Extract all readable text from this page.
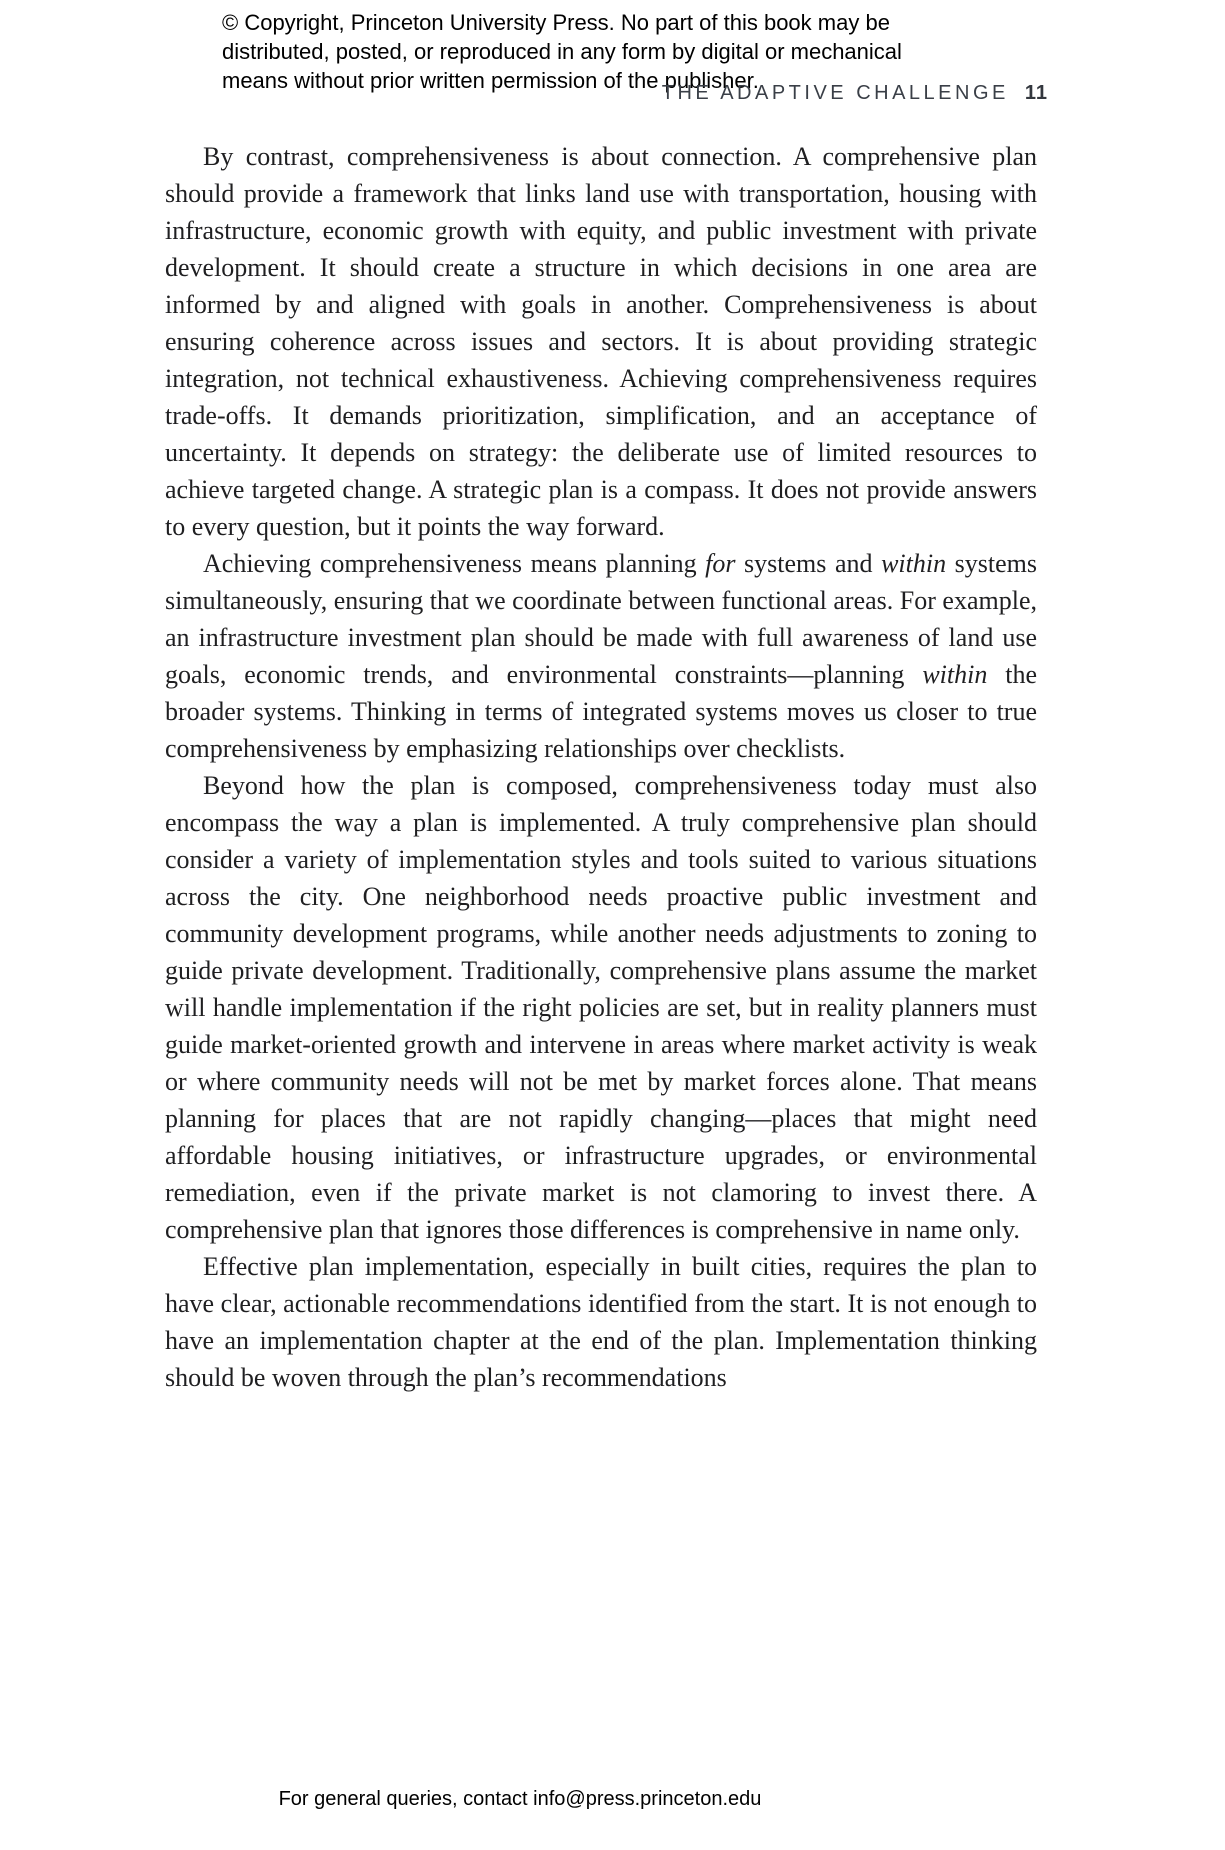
© Copyright, Princeton University Press. No part of this book may be
distributed, posted, or reproduced in any form by digital or mechanical
means without prior written permission of the publisher.
THE ADAPTIVE CHALLENGE 11

By contrast, comprehensiveness is about connection. A comprehensive plan should provide a framework that links land use with transportation, housing with infrastructure, economic growth with equity, and public investment with private development. It should create a structure in which decisions in one area are informed by and aligned with goals in another. Comprehensiveness is about ensuring coherence across issues and sectors. It is about providing strategic integration, not technical exhaustiveness. Achieving comprehensiveness requires trade-offs. It demands prioritization, simplification, and an acceptance of uncertainty. It depends on strategy: the deliberate use of limited resources to achieve targeted change. A strategic plan is a compass. It does not provide answers to every question, but it points the way forward.

Achieving comprehensiveness means planning for systems and within systems simultaneously, ensuring that we coordinate between functional areas. For example, an infrastructure investment plan should be made with full awareness of land use goals, economic trends, and environmental constraints—planning within the broader systems. Thinking in terms of integrated systems moves us closer to true comprehensiveness by emphasizing relationships over checklists.

Beyond how the plan is composed, comprehensiveness today must also encompass the way a plan is implemented. A truly comprehensive plan should consider a variety of implementation styles and tools suited to various situations across the city. One neighborhood needs proactive public investment and community development programs, while another needs adjustments to zoning to guide private development. Traditionally, comprehensive plans assume the market will handle implementation if the right policies are set, but in reality planners must guide market-oriented growth and intervene in areas where market activity is weak or where community needs will not be met by market forces alone. That means planning for places that are not rapidly changing—places that might need affordable housing initiatives, or infrastructure upgrades, or environmental remediation, even if the private market is not clamoring to invest there. A comprehensive plan that ignores those differences is comprehensive in name only.

Effective plan implementation, especially in built cities, requires the plan to have clear, actionable recommendations identified from the start. It is not enough to have an implementation chapter at the end of the plan. Implementation thinking should be woven through the plan’s recommendations

For general queries, contact info@press.princeton.edu
